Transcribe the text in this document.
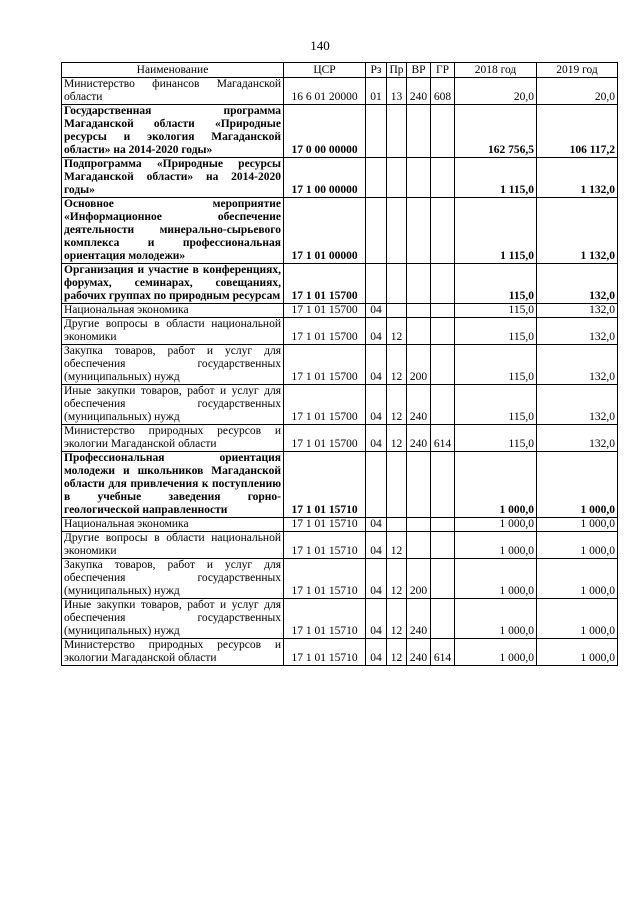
140
Наименование	ЦСР	Рз	Пр	ВР	ГР	2018 год	2019 год
Министерство финансов Магаданской области	16 6 01 20000	01	13	240	608	20,0	20,0
Государственная программа Магаданской области «Природные ресурсы и экология Магаданской области» на 2014-2020 годы»	17 0 00 00000					162 756,5	106 117,2
Подпрограмма «Природные ресурсы Магаданской области» на 2014-2020 годы»	17 1 00 00000					1 115,0	1 132,0
Основное мероприятие «Информационное обеспечение деятельности минерально-сырьевого комплекса и профессиональная ориентация молодежи»	17 1 01 00000					1 115,0	1 132,0
Организация и участие в конференциях, форумах, семинарах, совещаниях, рабочих группах по природным ресурсам	17 1 01 15700					115,0	132,0
Национальная экономика	17 1 01 15700	04				115,0	132,0
Другие вопросы в области национальной экономики	17 1 01 15700	04	12			115,0	132,0
Закупка товаров, работ и услуг для обеспечения государственных (муниципальных) нужд	17 1 01 15700	04	12	200		115,0	132,0
Иные закупки товаров, работ и услуг для обеспечения государственных (муниципальных) нужд	17 1 01 15700	04	12	240		115,0	132,0
Министерство природных ресурсов и экологии Магаданской области	17 1 01 15700	04	12	240	614	115,0	132,0
Профессиональная ориентация молодежи и школьников Магаданской области для привлечения к поступлению в учебные заведения горно-геологической направленности	17 1 01 15710					1 000,0	1 000,0
Национальная экономика	17 1 01 15710	04				1 000,0	1 000,0
Другие вопросы в области национальной экономики	17 1 01 15710	04	12			1 000,0	1 000,0
Закупка товаров, работ и услуг для обеспечения государственных (муниципальных) нужд	17 1 01 15710	04	12	200		1 000,0	1 000,0
Иные закупки товаров, работ и услуг для обеспечения государственных (муниципальных) нужд	17 1 01 15710	04	12	240		1 000,0	1 000,0
Министерство природных ресурсов и экологии Магаданской области	17 1 01 15710	04	12	240	614	1 000,0	1 000,0
